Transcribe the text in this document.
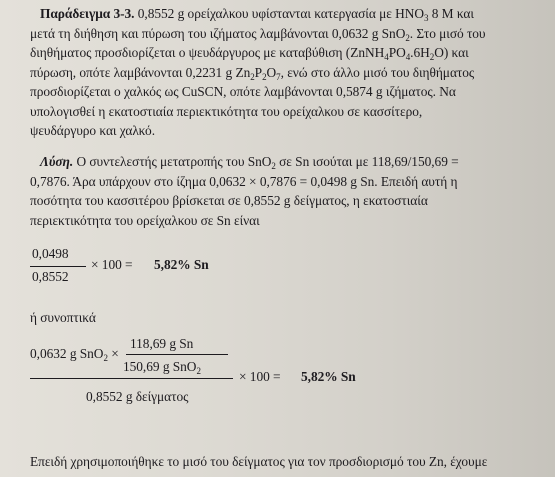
Παράδειγμα 3-3. 0,8552 g ορείχαλκου υφίστανται κατεργασία με $HNO_3$ 8 M και
μετά τη διήθηση και πύρωση του ιζήματος λαμβάνονται 0,0632 g SnO$_2$. Στο μισό του
διηθήματος προσδιορίζεται ο ψευδάργυρος με καταβύθιση $(ZnNH_4PO_4.6H_2O)$ και
πύρωση, οπότε λαμβάνονται 0,2231 g $Zn_2P_2O_7$, ενώ στο άλλο μισό του διηθήματος
προσδιορίζεται ο χαλκός ως CuSCN, οπότε λαμβάνονται 0,5874 g ιζήματος. Να
υπολογισθεί η εκατοστιαία περιεκτικότητα του ορείχαλκου σε κασσίτερο,
ψευδάργυρο και χαλκό.
Λύση. Ο συντελεστής μετατροπής του SnO$_2$ σε Sn ισούται με 118,69/150,69 =
0,7876. Άρα υπάρχουν στο ίζημα 0,0632 × 0,7876 = 0,0498 g Sn. Επειδή αυτή η
ποσότητα του κασσιτέρου βρίσκεται σε 0,8552 g δείγματος, η εκατοστιαία
περιεκτικότητα του ορείχαλκου σε Sn είναι
0,0498
0,8552
× 100 = 5,82% Sn
ή συνοπτικά
118,69 g Sn
0,0632 g SnO$_2$ ×
150,69 g SnO$_2$	× 100 = 5,82% Sn
0,8552 g δείγματος
Επειδή χρησιμοποιήθηκε το μισό του δείγματος για τον προσδιορισμό του Zn, έχουμε
